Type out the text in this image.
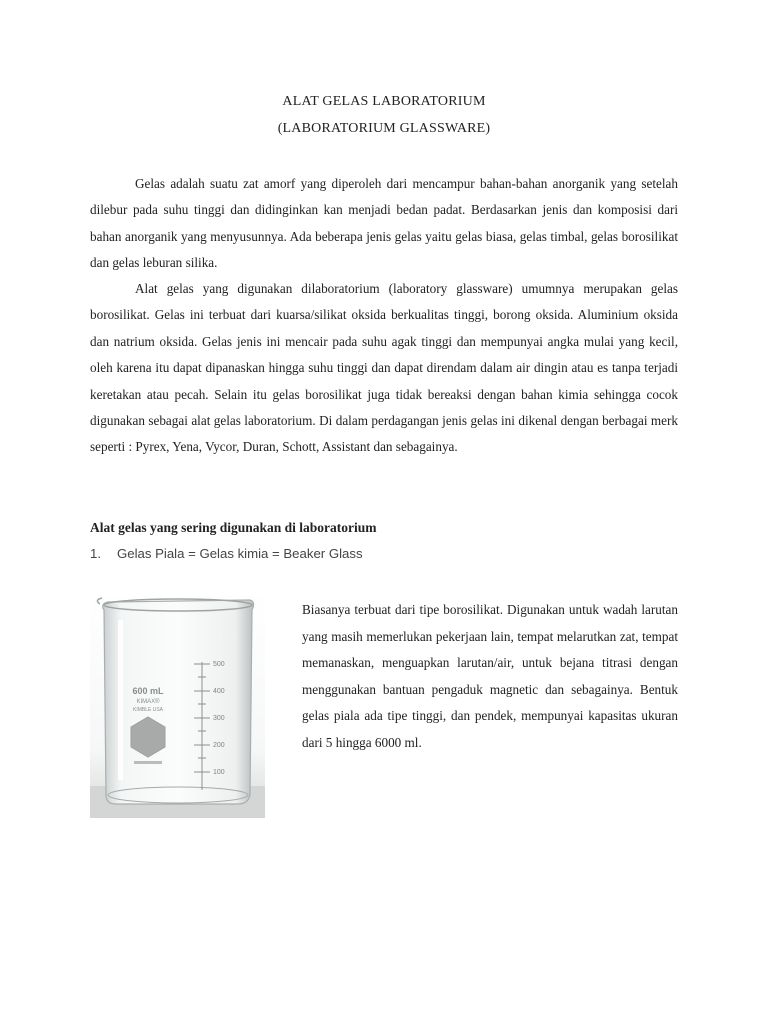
ALAT GELAS LABORATORIUM
(LABORATORIUM GLASSWARE)
Gelas adalah suatu zat amorf yang diperoleh dari mencampur bahan-bahan anorganik yang setelah dilebur pada suhu tinggi dan didinginkan kan menjadi bedan padat. Berdasarkan jenis dan komposisi dari bahan anorganik yang menyusunnya. Ada beberapa jenis gelas yaitu gelas biasa, gelas timbal, gelas borosilikat dan gelas leburan silika.
Alat gelas yang digunakan dilaboratorium (laboratory glassware) umumnya merupakan gelas borosilikat. Gelas ini terbuat dari kuarsa/silikat oksida berkualitas tinggi, borong oksida. Aluminium oksida dan natrium oksida. Gelas jenis ini mencair pada suhu agak tinggi dan mempunyai angka mulai yang kecil, oleh karena itu dapat dipanaskan hingga suhu tinggi dan dapat direndam dalam air dingin atau es tanpa terjadi keretakan atau pecah. Selain itu gelas borosilikat juga tidak bereaksi dengan bahan kimia sehingga cocok digunakan sebagai alat gelas laboratorium. Di dalam perdagangan jenis gelas ini dikenal dengan berbagai merk seperti : Pyrex, Yena, Vycor, Duran, Schott, Assistant dan sebagainya.
Alat gelas yang sering digunakan di laboratorium
1. Gelas Piala = Gelas kimia = Beaker Glass
500
400
300
200
100
600 mL
KIMAX®
KIMBLE USA
Biasanya terbuat dari tipe borosilikat. Digunakan untuk wadah larutan yang masih memerlukan pekerjaan lain, tempat melarutkan zat, tempat memanaskan, menguapkan larutan/air, untuk bejana titrasi dengan menggunakan bantuan pengaduk magnetic dan sebagainya. Bentuk gelas piala ada tipe tinggi, dan pendek, mempunyai kapasitas ukuran dari 5 hingga 6000 ml.
